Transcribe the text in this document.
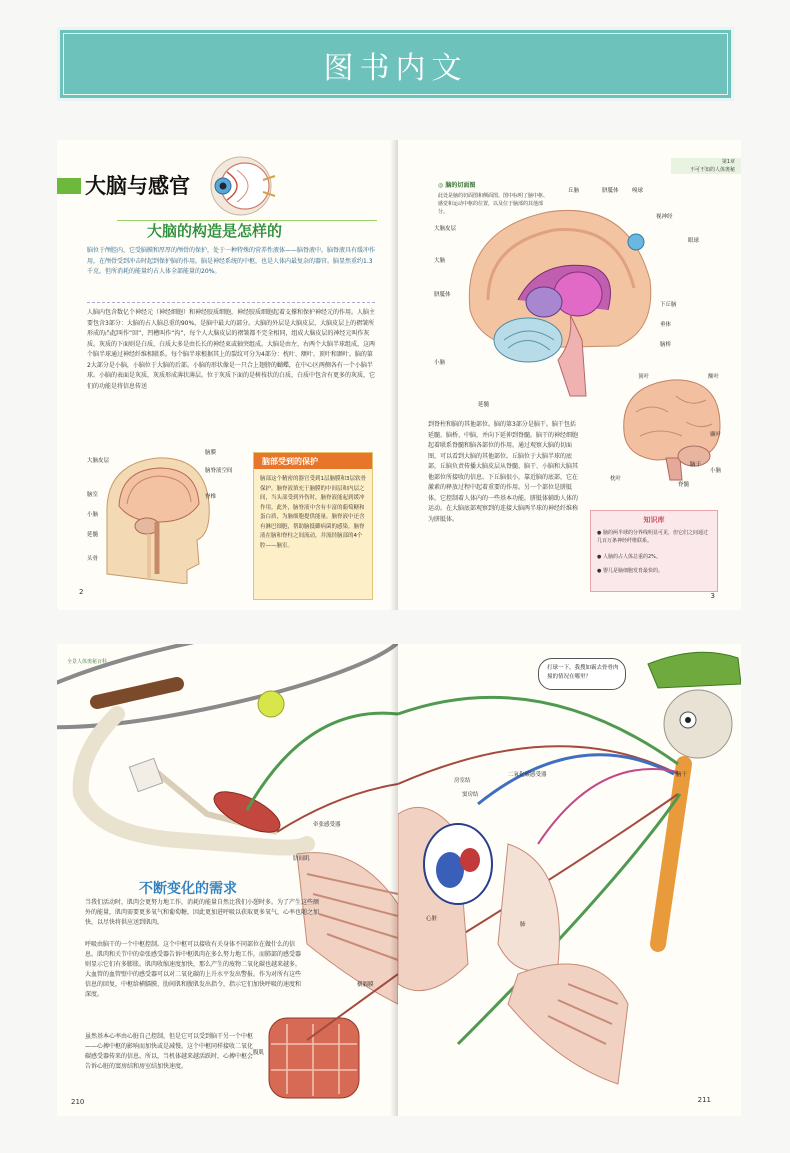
图书内文
大脑与感官
大脑的构造是怎样的
脑位于颅腔内，它受脑膜和厚厚的颅骨的保护，处于一种特殊的营养性液体——脑脊液中。脑脊液具有缓冲作用，在颅骨受到冲击时起到保护脑的作用。脑是神经系统的中枢，也是人体内最复杂的器官。脑显然重约1.3千克，但所消耗的能量约占人体全部能量的20%。
人脑内包含数亿个神经元（神经细胞）和神经胶质细胞，神经胶质细胞起着支撑和保护神经元的作用。人脑主要包含3部分：大脑的占人脑总重的90%，是脑中最大的部分。大脑的外层是大脑皮层，大脑皮层上的褶皱所形成的凸起叫作“回”，凹槽叫作“沟”，每个人大脑皮层的褶皱都不完全相同，组成大脑皮层的神经元叫作灰质。灰质的下面则是白质，白质大多是由长长的神经束或轴突组成。大脑是由左、右两个大脑半球组成，这两个脑半球通过神经纤维相联系。每个脑半球根据其上的裂纹可分为4部分：枕叶、额叶、顶叶和颞叶。脑的第2大部分是小脑，小脑位于大脑的后部。小脑的形状像是一只合上翅膀的蝴蝶，在中心区两侧各有一个小脑半球。小脑的表面是灰质，灰质形成薄状薄层。位于灰质下面的是树枝状的白质，白质中包含有更多的灰质，它们的功能是将信息传送
大脑皮层
脑室
小脑
延髓
头骨
脑膜
脑脊液空间
脊椎
脑部受到的保护
脑部这个精密的器官受到1层脑膜和3层软骨保护。脑脊液填充于脑膜的中间层和内层之间，当头部受到外伤时，脑脊液能起到缓冲作用。此外，脑脊液中含有丰富的葡萄糖和蛋白质，为脑细胞提供能量。脑脊液中还含有淋巴细胞，帮助脑抵御病菌的感染。脑脊液在脑和脊柱之间流动，并流经脑部的4个腔——脑室。
2
第1章
不可不知的人体奥秘
◎ 脑的切面图
此处是脑的切面图和侧面图。图中标明了脑中枢、感觉和运动中枢的位置，以及位于脑部的其他部分。
丘脑	胼胝体 嗅球
视神经
大脑皮层
眼球
大脑
胼胝体
下丘脑
垂体
脑桥
小脑
延髓
顶叶	额叶
颞叶
枕叶
脑干
小脑
脊髓
到脊柱和脑的其他部位。脑的第3部分是脑干。脑干包括延髓、脑桥、中脑，并向下延伸到脊髓。脑干的神经细胞起着联系脊髓和脑各部位的作用。通过观察大脑的切面图，可以看到大脑的其他部位。丘脑位于大脑半球的底部，丘脑负责传播大脑皮层从脊髓、脑干、小脑和大脑其他部位所接收的信息。下丘脑很小，靠近脑的底部，它在激素的释放过程中起着重要的作用。另一个部位是胼胝体，它控制着人体内的一些基本功能。胼胝体辅助人体的运动。在大脑底部观察到的连接大脑两半球的神经纤维称为胼胝体。	知识库
● 脑的两半球的分界线明显可见，但它们之间通过几百万条神经纤维联系。
● 人脑的占人体总重的2%。
● 婴儿是脑细胞发育最快的。
3
全景人体奥秘百科
牵张感受器
肋间肌
横膈膜
腹肌
不断变化的需求
当我们活动时，肌肉会更努力地工作，消耗的能量自然比我们小憩时多。为了产生这些额外的能量，肌肉需要更多氧气和葡萄糖，因此更加进呼吸以获取更多氧气，心率也随之加快，以尽快将供应送到肌肉。
呼吸由脑干的一个中枢控制。这个中枢可以接收有关身体不同部位在做什么的信息。肌肉和关节中的牵张感受器告诉中枢肌肉在多么努力地工作，而肺部的感受器则显示它们有多膨胀。肌肉收缩速度加快，那么产生的废物二氧化碳也越来越多，大血管的血管壁中的感受器可以对二氧化碳的上升水平发出警报。作为对所有这些信息的回复，中枢给横膈膜、肋间肌和腹肌发出指令，指示它们加快呼吸的速度和深度。
虽然基本心率由心脏自己控制，但是它可以受到脑干另一个中枢——心搏中枢的影响而加快或是减慢。这个中枢同样接收二氧化碳感受器传来的信息。所以，当机体越来越活跃时，心搏中枢会告诉心脏的窦房结和房室结加快速度。
210
打球一下，我搜如霸去骨骨肉撞的情况在哪里？
房室结
窦房结
二氧化碳感受器	脑干
心脏
肺
211
